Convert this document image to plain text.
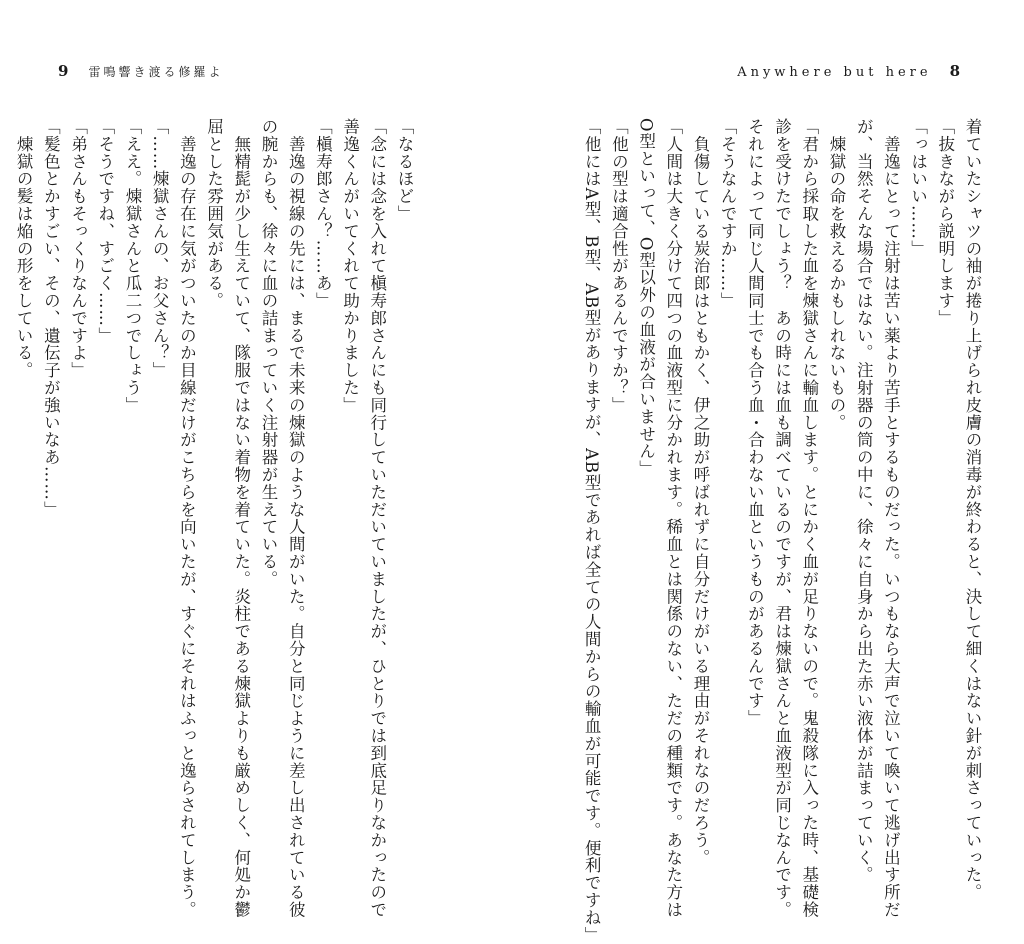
9 雷鳴響き渡る修羅よ	Anywhere but here 8
着ていたシャツの袖が捲り上げられ皮膚の消毒が終わると、決して細くはない針が刺さっていった。
「抜きながら説明します」
「っはいい……」
　善逸にとって注射は苦い薬より苦手とするものだった。いつもなら大声で泣いて喚いて逃げ出す所だ
が、当然そんな場合ではない。注射器の筒の中に、徐々に自身から出た赤い液体が詰まっていく。
　煉獄の命を救えるかもしれないもの。
「君から採取した血を煉獄さんに輸血します。とにかく血が足りないので。鬼殺隊に入った時、基礎検
診を受けたでしょう？　あの時には血も調べているのですが、君は煉獄さんと血液型が同じなんです。
それによって同じ人間同士でも合う血・合わない血というものがあるんです」
「そうなんですか……」
　負傷している炭治郎はともかく、伊之助が呼ばれずに自分だけがいる理由がそれなのだろう。
「人間は大きく分けて四つの血液型に分かれます。稀血とは関係のない、ただの種類です。あなた方は
O型といって、O型以外の血液が合いません」
「他の型は適合性があるんですか？」
「他にはA型、B型、AB型がありますが、AB型であれば全ての人間からの輸血が可能です。便利ですね」
「なるほど」
「念には念を入れて槇寿郎さんにも同行していただいていましたが、ひとりでは到底足りなかったので
善逸くんがいてくれて助かりました」
「槇寿郎さん？……あ」
　善逸の視線の先には、まるで未来の煉獄のような人間がいた。自分と同じように差し出されている彼
の腕からも、徐々に血の詰まっていく注射器が生えている。
　無精髭が少し生えていて、隊服ではない着物を着ていた。炎柱である煉獄よりも厳めしく、何処か鬱
屈とした雰囲気がある。
　善逸の存在に気がついたのか目線だけがこちらを向いたが、すぐにそれはふっと逸らされてしまう。
「……煉獄さんの、お父さん？」
「ええ。煉獄さんと瓜二つでしょう」
「そうですね、すごく……」
「弟さんもそっくりなんですよ」
「髪色とかすごい、その、遺伝子が強いなあ……」
　煉獄の髪は焔の形をしている。
